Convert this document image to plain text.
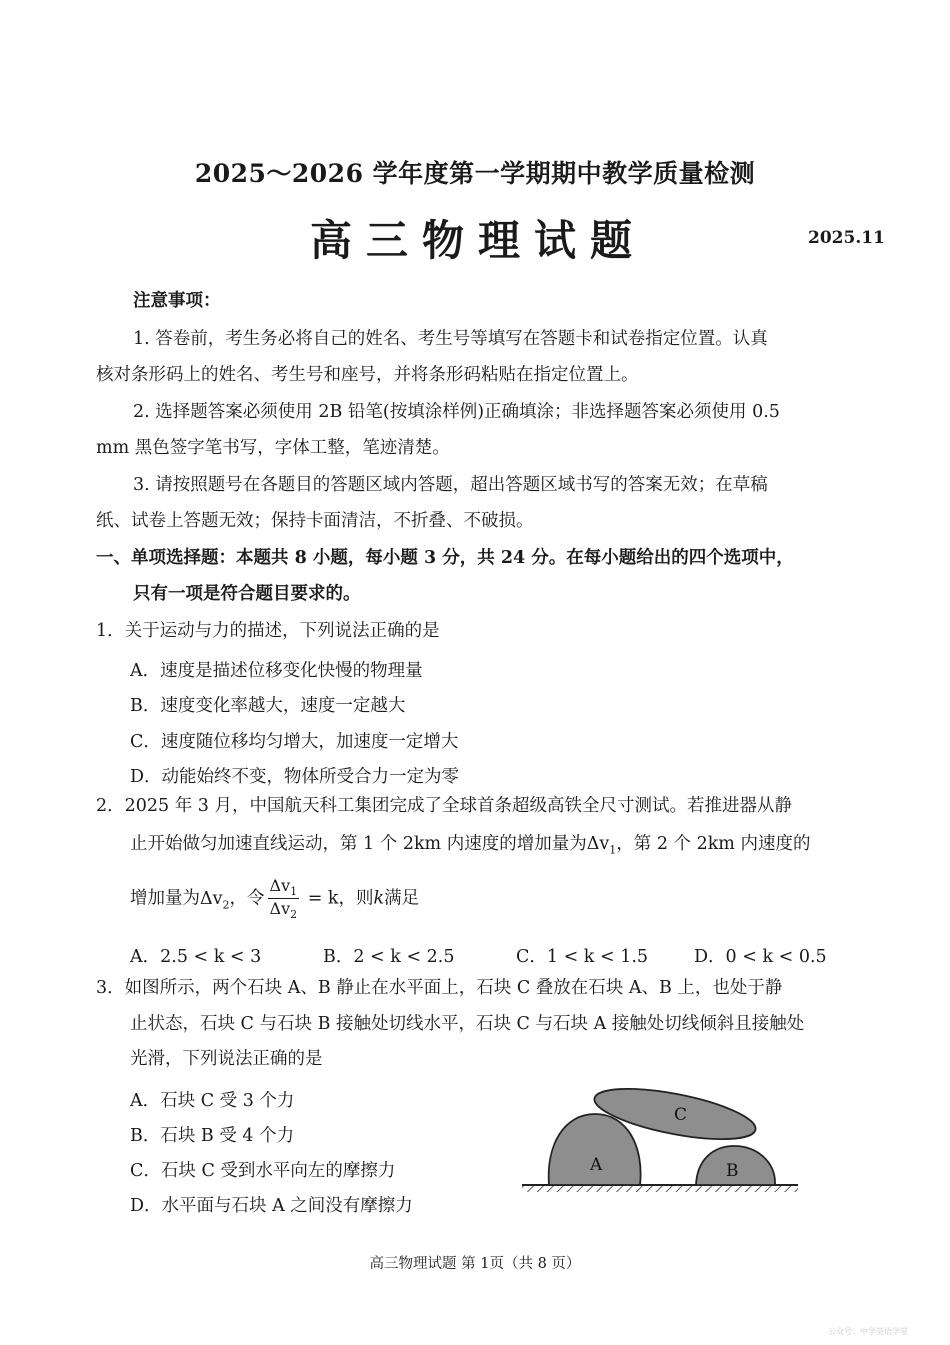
2025～2026 学年度第一学期期中教学质量检测
高三物理试题	2025.11
注意事项：
1. 答卷前，考生务必将自己的姓名、考生号等填写在答题卡和试卷指定位置。认真
核对条形码上的姓名、考生号和座号，并将条形码粘贴在指定位置上。
2. 选择题答案必须使用 2B 铅笔(按填涂样例)正确填涂；非选择题答案必须使用 0.5
mm 黑色签字笔书写，字体工整，笔迹清楚。
3. 请按照题号在各题目的答题区域内答题，超出答题区域书写的答案无效；在草稿
纸、试卷上答题无效；保持卡面清洁，不折叠、不破损。
一、单项选择题：本题共 8 小题，每小题 3 分，共 24 分。在每小题给出的四个选项中，
只有一项是符合题目要求的。
1．关于运动与力的描述，下列说法正确的是
A．速度是描述位移变化快慢的物理量
B．速度变化率越大，速度一定越大
C．速度随位移均匀增大，加速度一定增大
D．动能始终不变，物体所受合力一定为零
2．2025 年 3 月，中国航天科工集团完成了全球首条超级高铁全尺寸测试。若推进器从静
止开始做匀加速直线运动，第 1 个 2km 内速度的增加量为$\Delta v_1$，第 2 个 2km 内速度的
增加量为$\Delta v_2$，令 $\frac{\Delta v_1}{\Delta v_2} = k$，则k满足
A．2.5 < k < 3	B．2 < k < 2.5	C．1 < k < 1.5	D．0 < k < 0.5
3．如图所示，两个石块 A、B 静止在水平面上，石块 C 叠放在石块 A、B 上，也处于静
止状态，石块 C 与石块 B 接触处切线水平，石块 C 与石块 A 接触处切线倾斜且接触处
光滑，下列说法正确的是
A．石块 C 受 3 个力
B．石块 B 受 4 个力
C．石块 C 受到水平向左的摩擦力
D．水平面与石块 A 之间没有摩擦力
A	B
C
高三物理试题 第 1页（共 8 页）
公众号：中学英语学堂
